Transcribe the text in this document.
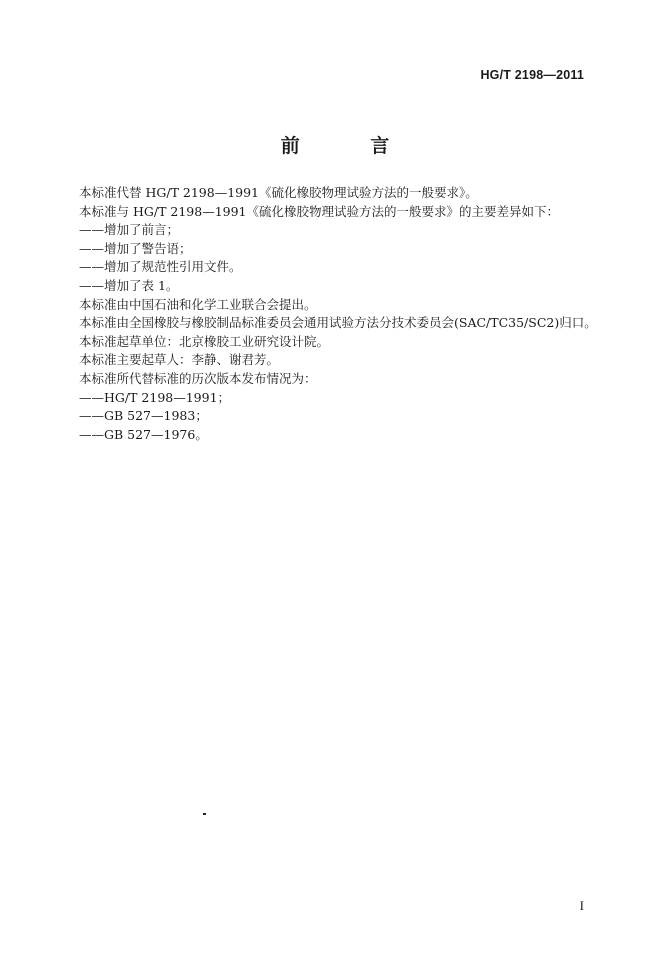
HG/T 2198—2011
前 言
本标准代替 HG/T 2198—1991《硫化橡胶物理试验方法的一般要求》。
本标准与 HG/T 2198—1991《硫化橡胶物理试验方法的一般要求》的主要差异如下：
——增加了前言；
——增加了警告语；
——增加了规范性引用文件。
——增加了表 1。
本标准由中国石油和化学工业联合会提出。
本标准由全国橡胶与橡胶制品标准委员会通用试验方法分技术委员会(SAC/TC35/SC2)归口。
本标准起草单位：北京橡胶工业研究设计院。
本标准主要起草人：李静、谢君芳。
本标准所代替标准的历次版本发布情况为：
——HG/T 2198—1991；
——GB 527—1983；
——GB 527—1976。
I
